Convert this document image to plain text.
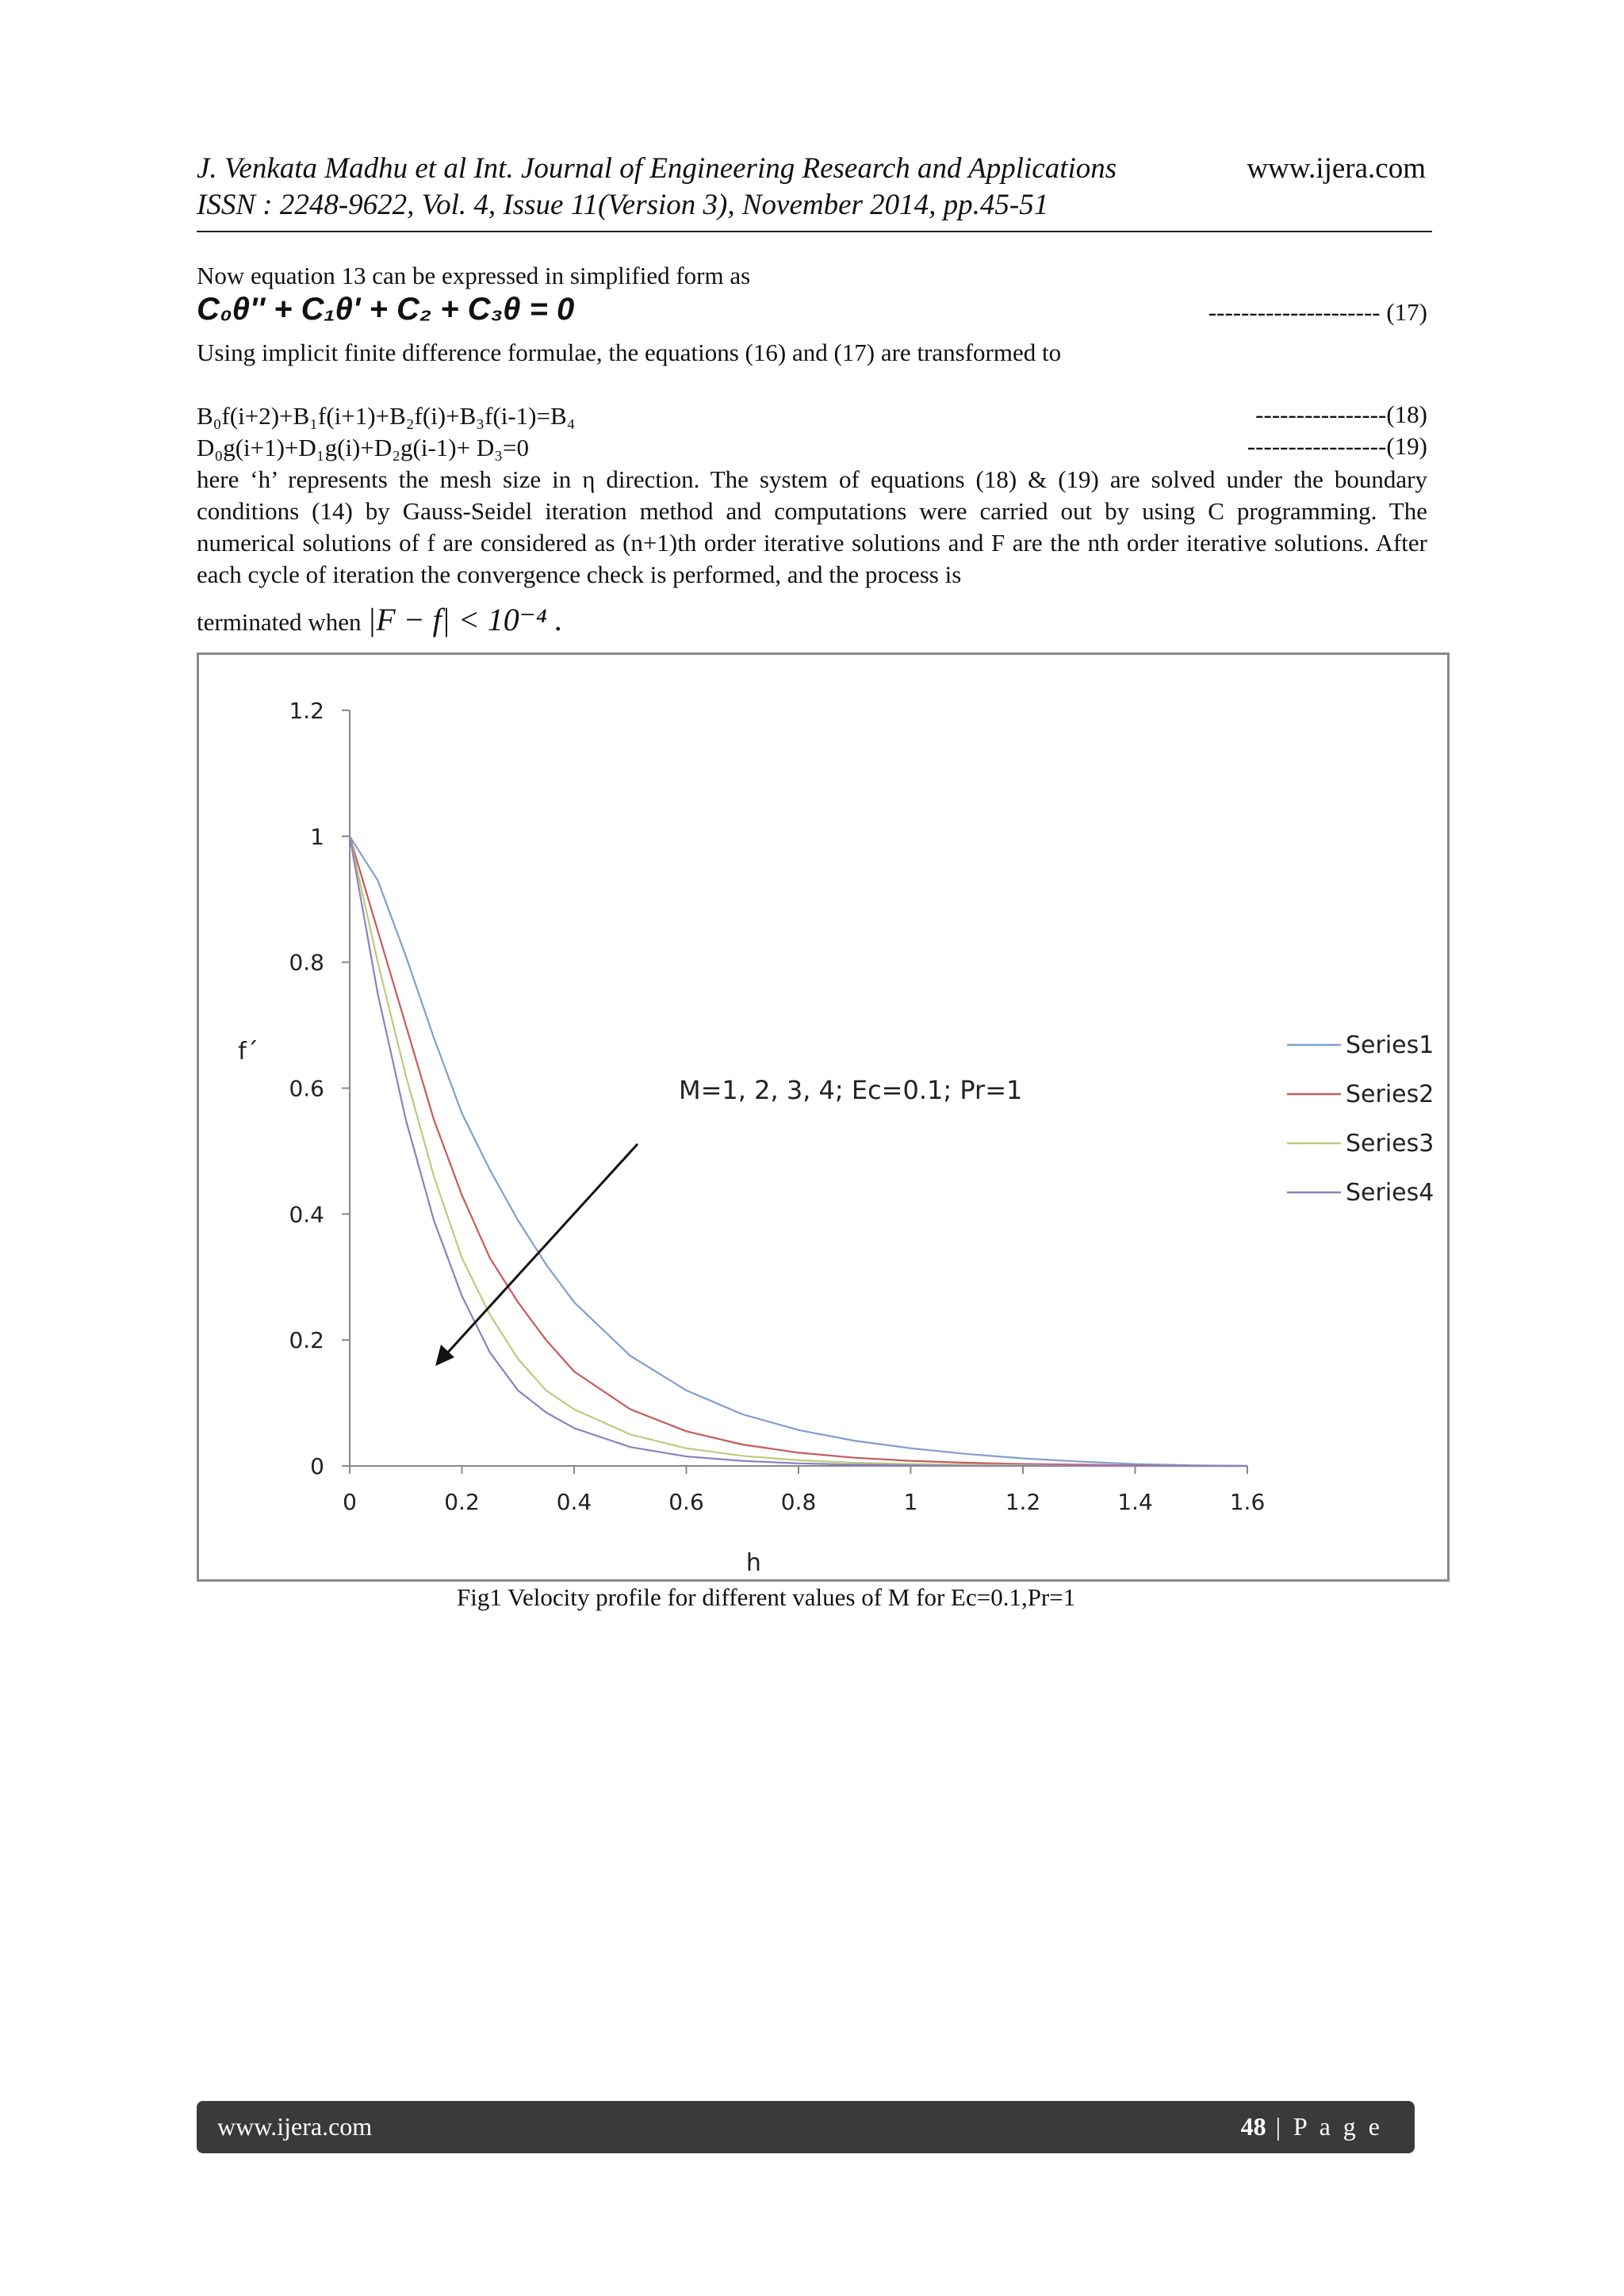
J. Venkata Madhu et al Int. Journal of Engineering Research and Applications	www.ijera.com
ISSN : 2248-9622, Vol. 4, Issue 11(Version 3), November 2014, pp.45-51
Now equation 13 can be expressed in simplified form as
C₀θ'' + C₁θ' + C₂ + C₃θ = 0	--------------------- (17)
Using implicit finite difference formulae, the equations (16) and (17) are transformed to
B₀f(i+2)+B₁f(i+1)+B₂f(i)+B₃f(i-1)=B₄	----------------(18)
D₀g(i+1)+D₁g(i)+D₂g(i-1)+ D₃=0	-----------------(19)
here ‘h’ represents the mesh size in η direction. The system of equations (18) & (19) are solved under the boundary conditions (14) by Gauss-Seidel iteration method and computations were carried out by using C programming. The numerical solutions of f are considered as (n+1)th order iterative solutions and F are the nth order iterative solutions. After each cycle of iteration the convergence check is performed, and the process is
terminated when |F − f| < 10⁻⁴ .
0
0.2
0.4
0.6
0.8
1
1.2
0	0.2	0.4	0.6	0.8	1	1.2	1.4	1.6
h
f´	Series1
Series2
Series3
Series4
M=1, 2, 3, 4; Ec=0.1; Pr=1
Fig1 Velocity profile for different values of M for Ec=0.1,Pr=1
www.ijera.com	48 | P a g e
